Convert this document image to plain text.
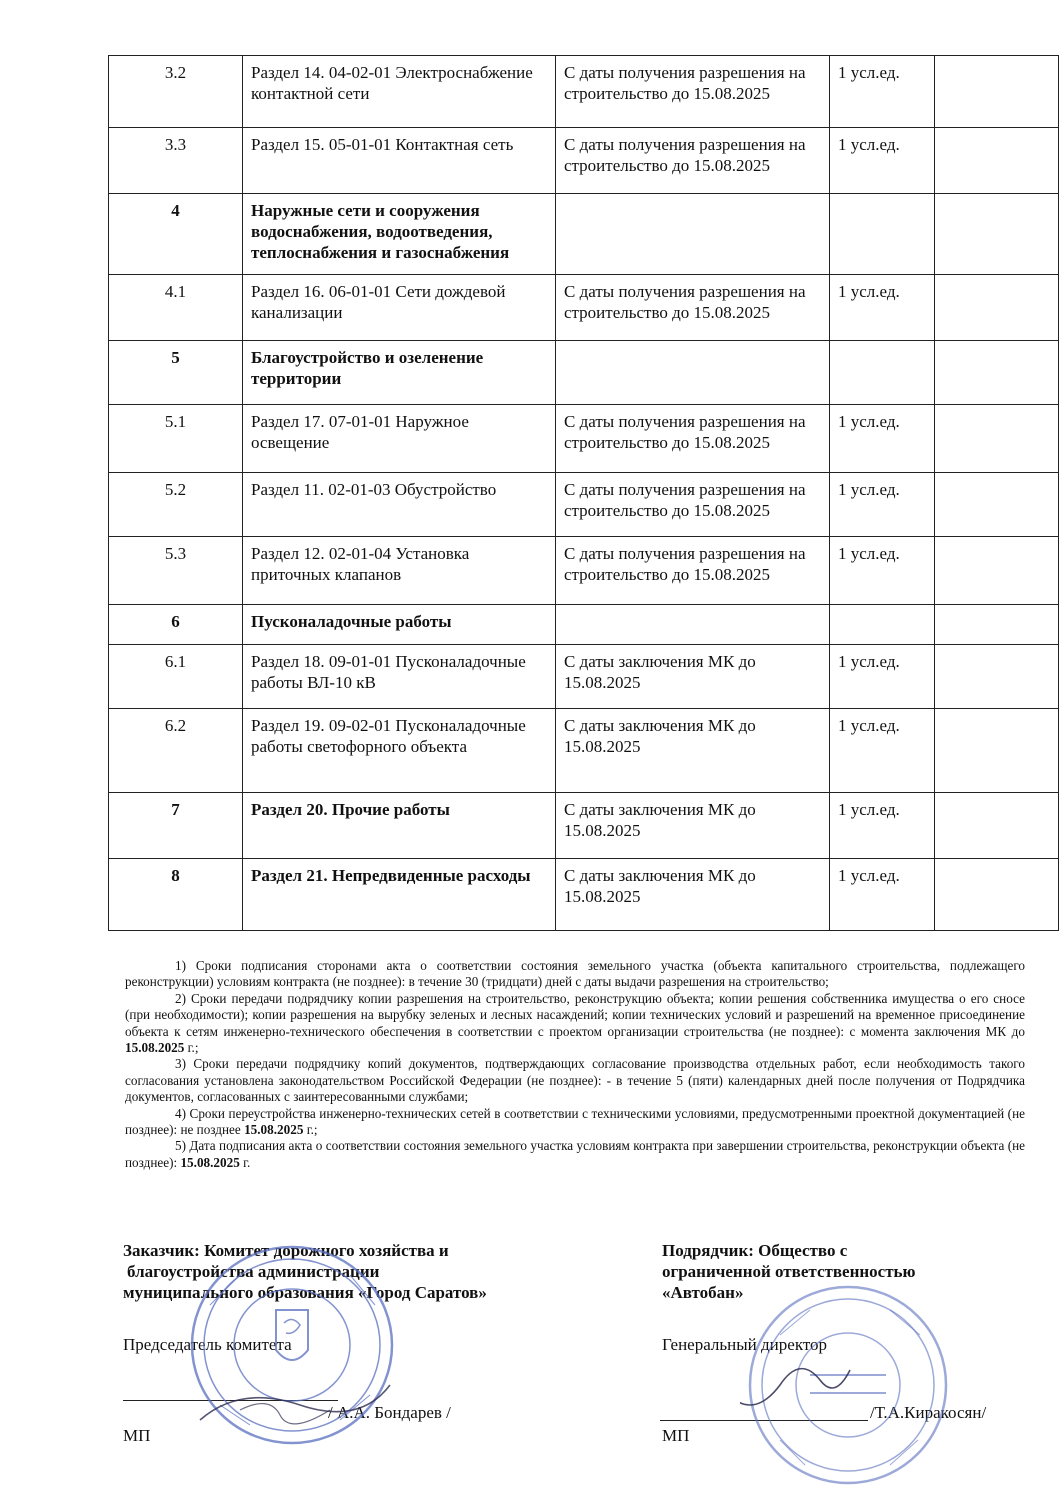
3.2	Раздел 14. 04-02-01 Электроснабжение контактной сети	С даты получения разрешения на строительство до 15.08.2025	1 усл.ед.	
3.3	Раздел 15. 05-01-01 Контактная сеть	С даты получения разрешения на строительство до 15.08.2025	1 усл.ед.	
4	Наружные сети и сооружения водоснабжения, водоотведения, теплоснабжения и газоснабжения			
4.1	Раздел 16. 06-01-01 Сети дождевой канализации	С даты получения разрешения на строительство до 15.08.2025	1 усл.ед.	
5	Благоустройство и озеленение территории			
5.1	Раздел 17. 07-01-01 Наружное освещение	С даты получения разрешения на строительство до 15.08.2025	1 усл.ед.	
5.2	Раздел 11. 02-01-03 Обустройство	С даты получения разрешения на строительство до 15.08.2025	1 усл.ед.	
5.3	Раздел 12. 02-01-04 Установка приточных клапанов	С даты получения разрешения на строительство до 15.08.2025	1 усл.ед.	
6	Пусконаладочные работы			
6.1	Раздел 18. 09-01-01 Пусконаладочные работы ВЛ-10 кВ	С даты заключения МК до 15.08.2025	1 усл.ед.	
6.2	Раздел 19. 09-02-01 Пусконаладочные работы светофорного объекта	С даты заключения МК до 15.08.2025	1 усл.ед.	
7	Раздел 20. Прочие работы	С даты заключения МК до 15.08.2025	1 усл.ед.	
8	Раздел 21. Непредвиденные расходы	С даты заключения МК до 15.08.2025	1 усл.ед.	

1) Сроки подписания сторонами акта о соответствии состояния земельного участка (объекта капитального строительства, подлежащего реконструкции) условиям контракта (не позднее): в течение 30 (тридцати) дней с даты выдачи разрешения на строительство;

2) Сроки передачи подрядчику копии разрешения на строительство, реконструкцию объекта; копии решения собственника имущества о его сносе (при необходимости); копии разрешения на вырубку зеленых и лесных насаждений; копии технических условий и разрешений на временное присоединение объекта к сетям инженерно-технического обеспечения в соответствии с проектом организации строительства (не позднее): с момента заключения МК до 15.08.2025 г.;

3) Сроки передачи подрядчику копий документов, подтверждающих согласование производства отдельных работ, если необходимость такого согласования установлена законодательством Российской Федерации (не позднее): - в течение 5 (пяти) календарных дней после получения от Подрядчика документов, согласованных с заинтересованными службами;

4) Сроки переустройства инженерно-технических сетей в соответствии с техническими условиями, предусмотренными проектной документацией (не позднее): не позднее 15.08.2025 г.;

5) Дата подписания акта о соответствии состояния земельного участка условиям контракта при завершении строительства, реконструкции объекта (не позднее): 15.08.2025 г.

Заказчик: Комитет дорожного хозяйства и
благоустройства администрации
муниципального образования «Город Саратов»
Председатель комитета
/ А.А. Бондарев /
МП
Подрядчик: Общество с
ограниченной ответственностью
«Автобан»
Генеральный директор
/Т.А.Киракосян/
МП
